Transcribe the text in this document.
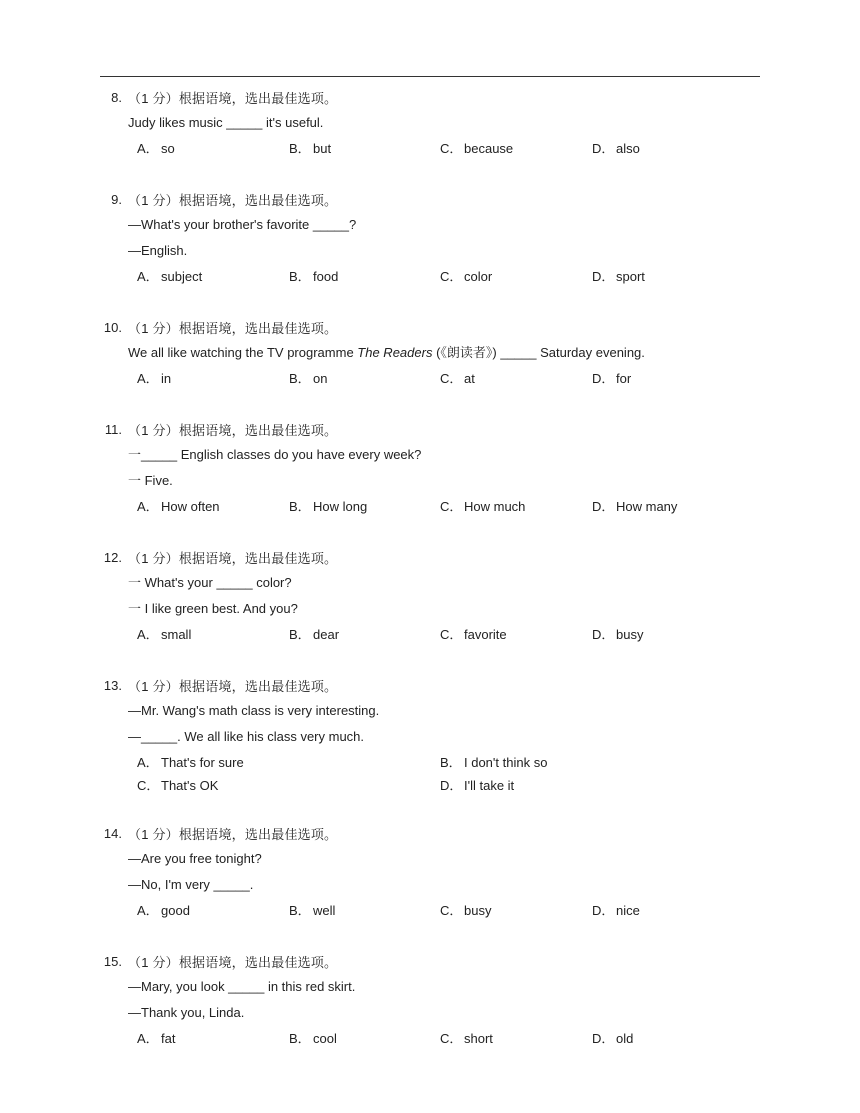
8. （1 分）根据语境，选出最佳选项。
Judy likes music _____ it's useful.
A． so	B． but	C． because	D． also
9. （1 分）根据语境，选出最佳选项。
—What's your brother's favorite _____?
—English.
A． subject	B． food	C． color	D． sport
10. （1 分）根据语境，选出最佳选项。
We all like watching the TV programme The Readers (《朗读者》) _____ Saturday evening.
A． in	B． on	C． at	D． for
11. （1 分）根据语境，选出最佳选项。
一_____ English classes do you have every week?
一 Five.
A． How often	B． How long	C． How much	D． How many
12. （1 分）根据语境，选出最佳选项。
一 What's your _____ color?
一 I like green best. And you?
A． small	B． dear	C． favorite	D． busy
13. （1 分）根据语境，选出最佳选项。
—Mr. Wang's math class is very interesting.
—_____. We all like his class very much.
A． That's for sure	B． I don't think so
C． That's OK	D． I'll take it
14. （1 分）根据语境，选出最佳选项。
—Are you free tonight?
—No, I'm very _____.
A． good	B． well	C． busy	D． nice
15. （1 分）根据语境，选出最佳选项。
—Mary, you look _____ in this red skirt.
—Thank you, Linda.
A． fat	B． cool	C． short	D． old
